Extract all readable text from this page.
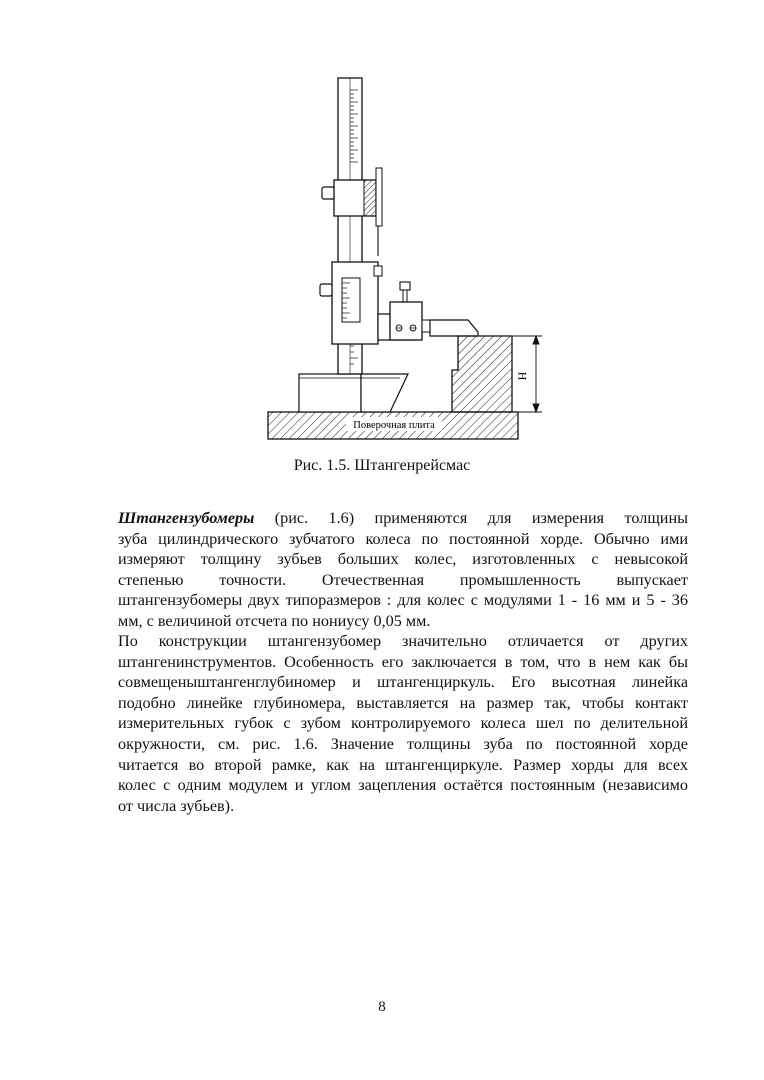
Поверочная плита
H
Рис. 1.5. Штангенрейсмас
Штангензубомеры (рис. 1.6) применяются для измерения толщины
зуба цилиндрического зубчатого колеса по постоянной хорде. Обычно ими
измеряют толщину зубьев больших колес, изготовленных с невысокой
степенью точности. Отечественная промышленность выпускает
штангензубомеры двух типоразмеров : для колес с модулями 1 - 16 мм и 5 - 36
мм, с величиной отсчета по нониусу 0,05 мм.
По конструкции штангензубомер значительно отличается от других
штангенинструментов. Особенность его заключается в том, что в нем как бы
совмещеныштангенглубиномер и штангенциркуль. Его высотная линейка
подобно линейке глубиномера, выставляется на размер так, чтобы контакт
измерительных губок с зубом контролируемого колеса шел по делительной
окружности, см. рис. 1.6. Значение толщины зуба по постоянной хорде
читается во второй рамке, как на штангенциркуле. Размер хорды для всех
колес с одним модулем и углом зацепления остаётся постоянным (независимо
от числа зубьев).
8
